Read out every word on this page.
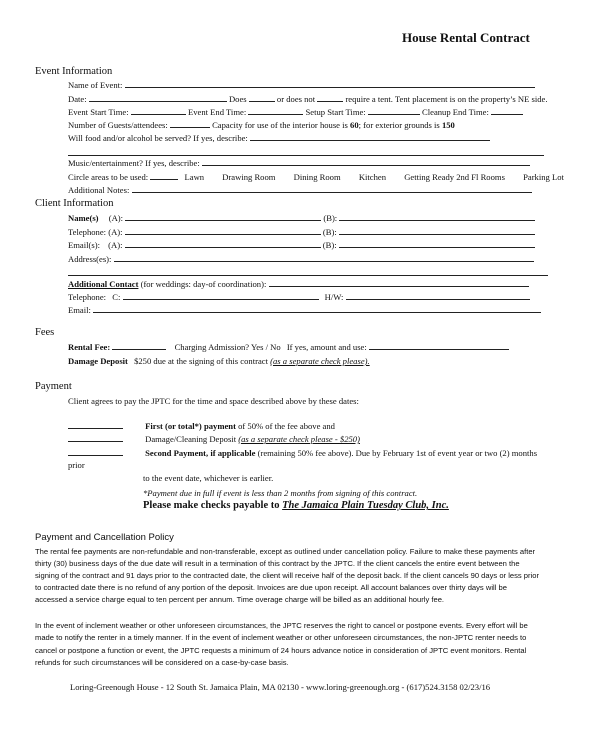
House Rental Contract
Event Information
Name of Event:
Date:	Does	or does not	require a tent. Tent placement is on the property’s NE side.
Event Start Time:	Event End Time:	Setup Start Time:	Cleanup End Time:
Number of Guests/attendees:	Capacity for use of the interior house is 60; for exterior grounds is 150
Will food and/or alcohol be served? If yes, describe:
Music/entertainment? If yes, describe:
Circle areas to be used:	Lawn Drawing Room Dining Room Kitchen Getting Ready 2nd Fl Rooms Parking Lot
Additional Notes:
Client Information
Name(s) (A):	(B):
Telephone: (A):	(B):
Email(s): (A):	(B):
Address(es):
Additional Contact (for weddings: day-of coordination):
Telephone: C:	H/W:
Email:
Fees
Rental Fee:	Charging Admission? Yes / No If yes, amount and use:
Damage Deposit $250 due at the signing of this contract (as a separate check please).
Payment
Client agrees to pay the JPTC for the time and space described above by these dates:
First (or total*) payment of 50% of the fee above and
Damage/Cleaning Deposit (as a separate check please - $250)
Second Payment, if applicable (remaining 50% fee above). Due by February 1st of event year or two (2) months
prior
to the event date, whichever is earlier.
*Payment due in full if event is less than 2 months from signing of this contract.
Please make checks payable to The Jamaica Plain Tuesday Club, Inc.
Payment and Cancellation Policy
The rental fee payments are non-refundable and non-transferable, except as outlined under cancellation policy. Failure to make these payments after
thirty (30) business days of the due date will result in a termination of this contract by the JPTC. If the client cancels the entire event between the
signing of the contract and 91 days prior to the contracted date, the client will receive half of the deposit back. If the client cancels 90 days or less prior
to contracted date there is no refund of any portion of the deposit. Invoices are due upon receipt. All account balances over thirty days will be
accessed a service charge equal to ten percent per annum. Time overage charge will be billed as an additional hourly fee.
In the event of inclement weather or other unforeseen circumstances, the JPTC reserves the right to cancel or postpone events. Every effort will be
made to notify the renter in a timely manner. If in the event of inclement weather or other unforeseen circumstances, the non-JPTC renter needs to
cancel or postpone a function or event, the JPTC requests a minimum of 24 hours advance notice in consideration of JPTC event monitors. Rental
refunds for such circumstances will be considered on a case-by-case basis.
Loring-Greenough House - 12 South St. Jamaica Plain, MA 02130 - www.loring-greenough.org - (617)524.3158 02/23/16
